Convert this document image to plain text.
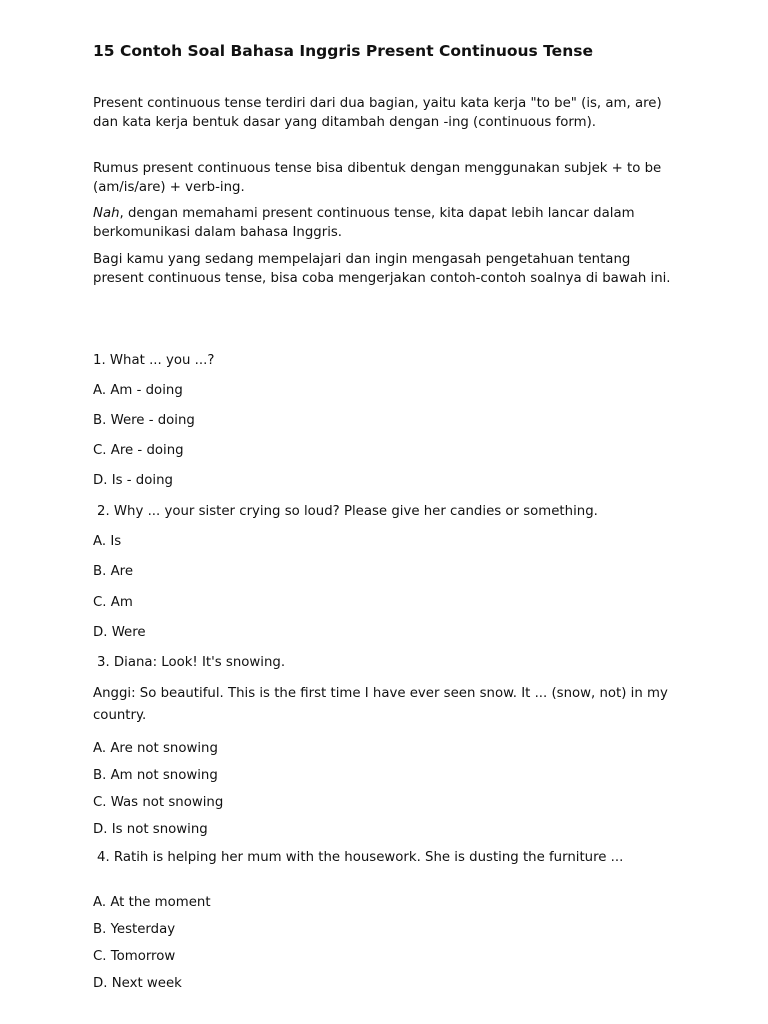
15 Contoh Soal Bahasa Inggris Present Continuous Tense

Present continuous tense terdiri dari dua bagian, yaitu kata kerja "to be" (is, am, are) dan kata kerja bentuk dasar yang ditambah dengan -ing (continuous form).

Rumus present continuous tense bisa dibentuk dengan menggunakan subjek + to be (am/is/are) + verb-ing.

Nah, dengan memahami present continuous tense, kita dapat lebih lancar dalam berkomunikasi dalam bahasa Inggris.

Bagi kamu yang sedang mempelajari dan ingin mengasah pengetahuan tentang present continuous tense, bisa coba mengerjakan contoh-contoh soalnya di bawah ini.

1. What ... you ...?

A. Am - doing

B. Were - doing

C. Are - doing

D. Is - doing

2. Why ... your sister crying so loud? Please give her candies or something.

A. Is

B. Are

C. Am

D. Were

3. Diana: Look! It's snowing.

Anggi: So beautiful. This is the first time I have ever seen snow. It ... (snow, not) in my country.

A. Are not snowing

B. Am not snowing

C. Was not snowing

D. Is not snowing

4. Ratih is helping her mum with the housework. She is dusting the furniture ...

A. At the moment

B. Yesterday

C. Tomorrow

D. Next week
